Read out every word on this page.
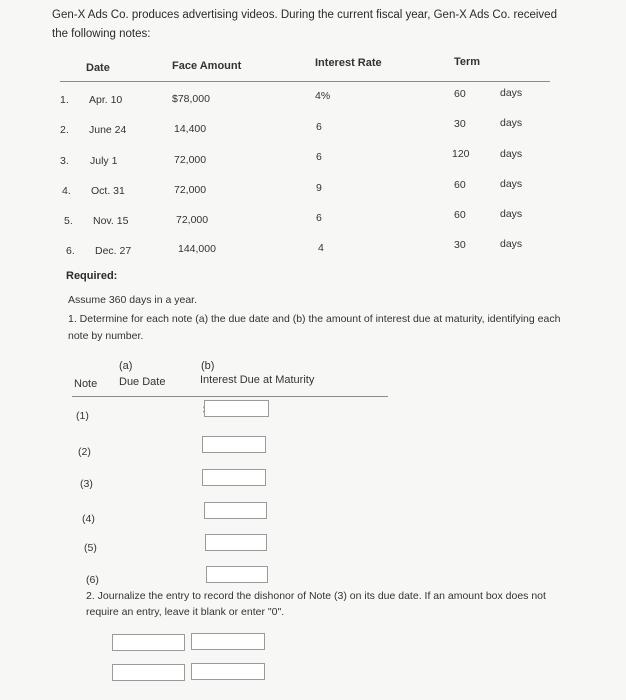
Gen-X Ads Co. produces advertising videos. During the current fiscal year, Gen-X Ads Co. received the following notes:
Date	Face Amount	Interest Rate	Term
1. Apr. 10	$78,000	4%	60	days
2. June 24	14,400	6	30	days
3. July 1	72,000	6	120	days
4. Oct. 31	72,000	9	60	days
5. Nov. 15	72,000	6	60	days
6. Dec. 27	144,000	4	30	days
Required:
Assume 360 days in a year.
1. Determine for each note (a) the due date and (b) the amount of interest due at maturity, identifying each note by number.
(a)	(b)
Note Due Date	Interest Due at Maturity
(1)
(2)
(3)
(4)
(5)
(6)
2. Journalize the entry to record the dishonor of Note (3) on its due date. If an amount box does not require an entry, leave it blank or enter "0".
